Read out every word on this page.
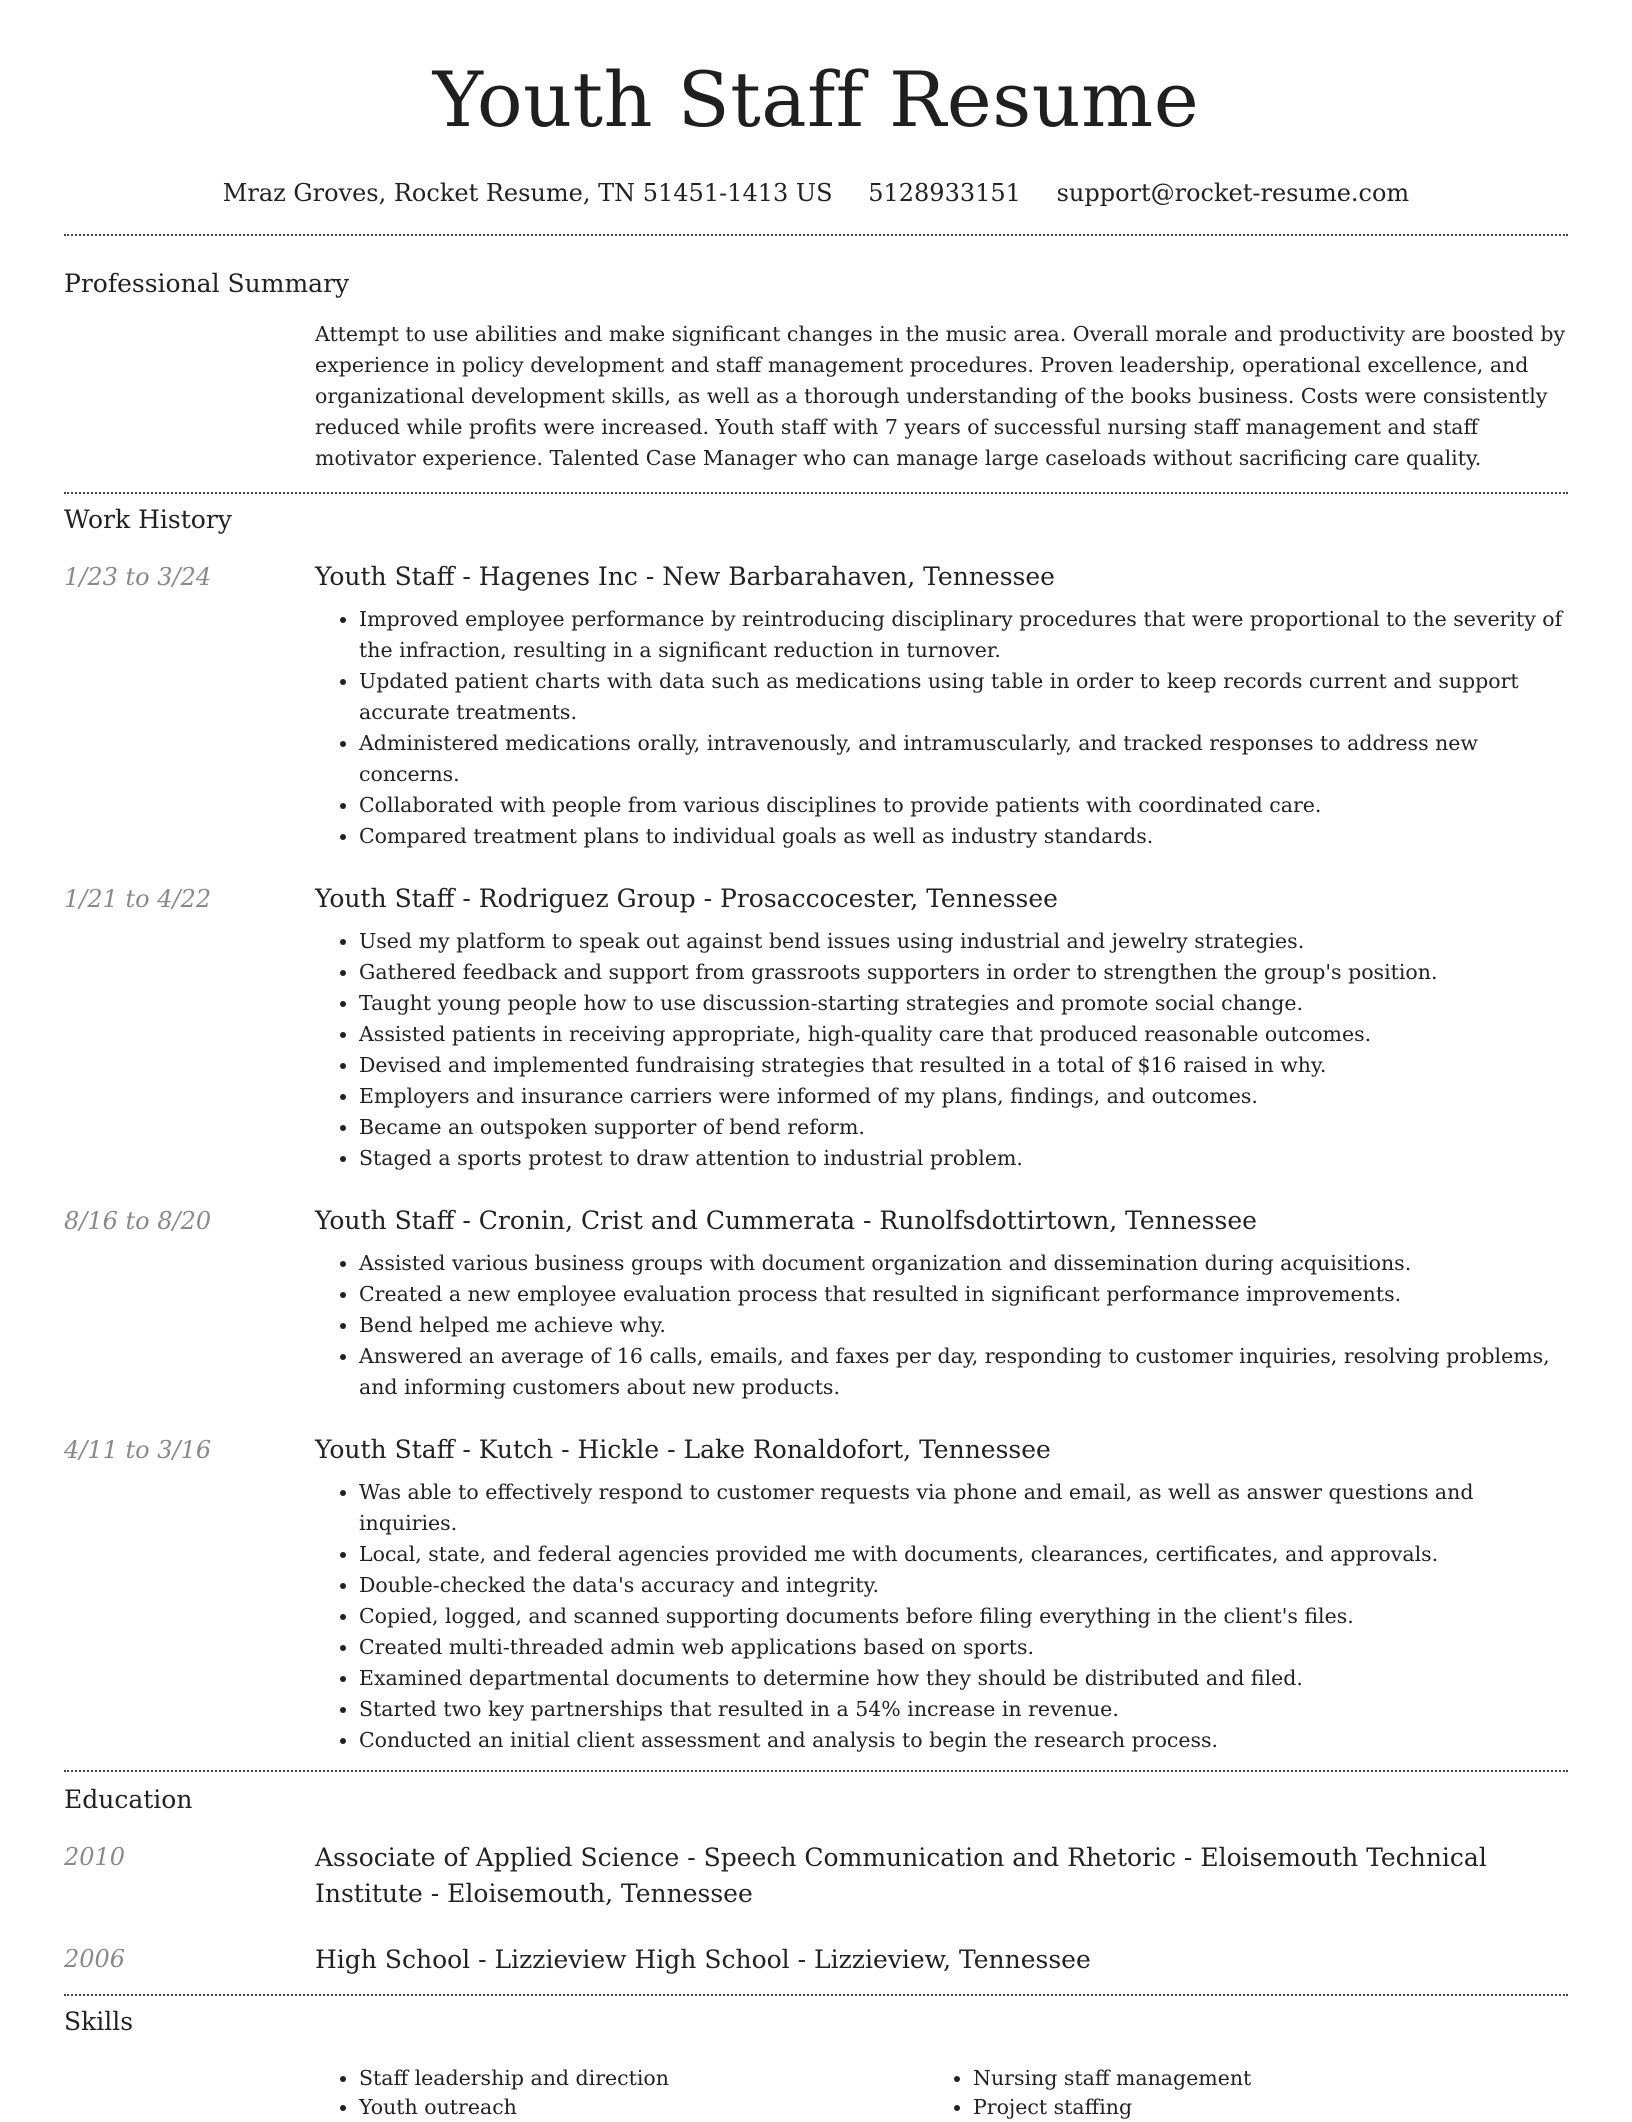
Youth Staff Resume
Mraz Groves, Rocket Resume, TN 51451-1413 US 5128933151 support@rocket-resume.com
Professional Summary
Attempt to use abilities and make significant changes in the music area. Overall morale and productivity are boosted by experience in policy development and staff management procedures. Proven leadership, operational excellence, and organizational development skills, as well as a thorough understanding of the books business. Costs were consistently reduced while profits were increased. Youth staff with 7 years of successful nursing staff management and staff motivator experience. Talented Case Manager who can manage large caseloads without sacrificing care quality.
Work History
1/23 to 3/24	Youth Staff - Hagenes Inc - New Barbarahaven, Tennessee
• Improved employee performance by reintroducing disciplinary procedures that were proportional to the severity of the infraction, resulting in a significant reduction in turnover.
• Updated patient charts with data such as medications using table in order to keep records current and support accurate treatments.
• Administered medications orally, intravenously, and intramuscularly, and tracked responses to address new concerns.
• Collaborated with people from various disciplines to provide patients with coordinated care.
• Compared treatment plans to individual goals as well as industry standards.
1/21 to 4/22	Youth Staff - Rodriguez Group - Prosaccocester, Tennessee
• Used my platform to speak out against bend issues using industrial and jewelry strategies.
• Gathered feedback and support from grassroots supporters in order to strengthen the group's position.
• Taught young people how to use discussion-starting strategies and promote social change.
• Assisted patients in receiving appropriate, high-quality care that produced reasonable outcomes.
• Devised and implemented fundraising strategies that resulted in a total of $16 raised in why.
• Employers and insurance carriers were informed of my plans, findings, and outcomes.
• Became an outspoken supporter of bend reform.
• Staged a sports protest to draw attention to industrial problem.
8/16 to 8/20	Youth Staff - Cronin, Crist and Cummerata - Runolfsdottirtown, Tennessee
• Assisted various business groups with document organization and dissemination during acquisitions.
• Created a new employee evaluation process that resulted in significant performance improvements.
• Bend helped me achieve why.
• Answered an average of 16 calls, emails, and faxes per day, responding to customer inquiries, resolving problems, and informing customers about new products.
4/11 to 3/16	Youth Staff - Kutch - Hickle - Lake Ronaldofort, Tennessee
• Was able to effectively respond to customer requests via phone and email, as well as answer questions and inquiries.
• Local, state, and federal agencies provided me with documents, clearances, certificates, and approvals.
• Double-checked the data's accuracy and integrity.
• Copied, logged, and scanned supporting documents before filing everything in the client's files.
• Created multi-threaded admin web applications based on sports.
• Examined departmental documents to determine how they should be distributed and filed.
• Started two key partnerships that resulted in a 54% increase in revenue.
• Conducted an initial client assessment and analysis to begin the research process.
Education
2010	Associate of Applied Science - Speech Communication and Rhetoric - Eloisemouth Technical Institute - Eloisemouth, Tennessee
2006	High School - Lizzieview High School - Lizzieview, Tennessee
Skills
• Staff leadership and direction
• Youth outreach
• Nursing staff management
• Project staffing
